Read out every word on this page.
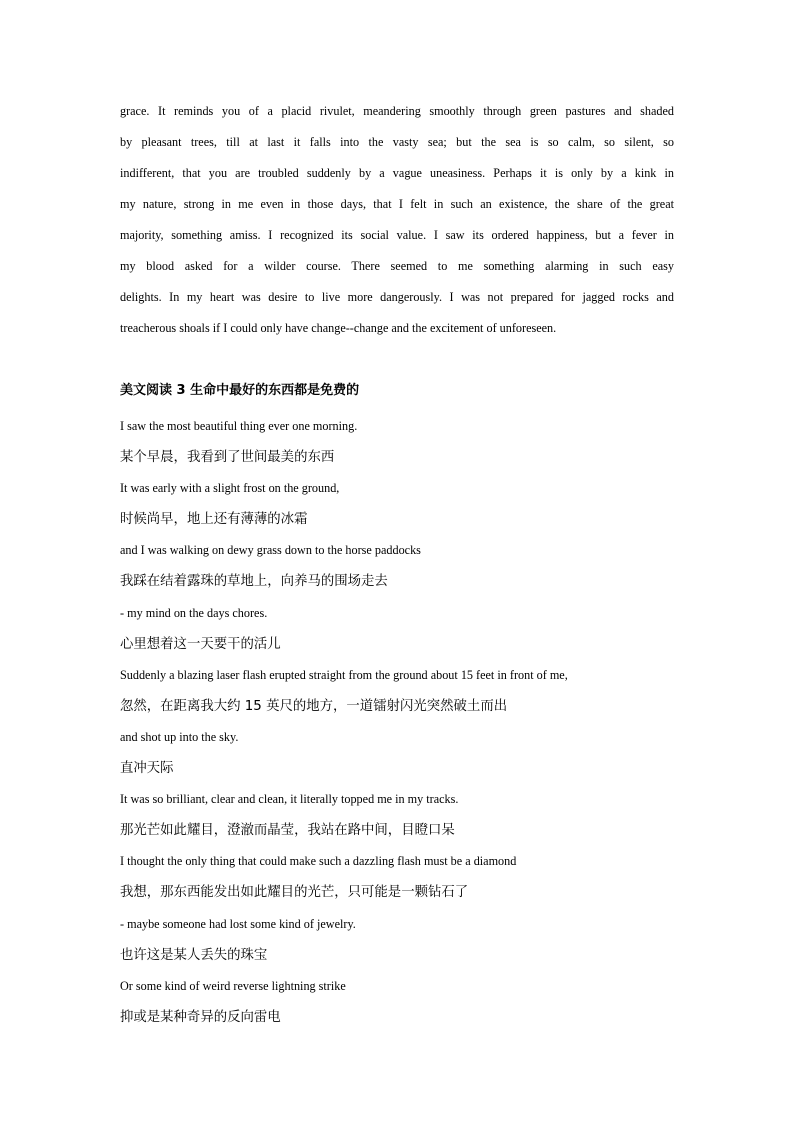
grace. It reminds you of a placid rivulet, meandering smoothly through green pastures and shaded
by pleasant trees, till at last it falls into the vasty sea; but the sea is so calm, so silent, so
indifferent, that you are troubled suddenly by a vague uneasiness. Perhaps it is only by a kink in
my nature, strong in me even in those days, that I felt in such an existence, the share of the great
majority, something amiss. I recognized its social value. I saw its ordered happiness, but a fever in
my blood asked for a wilder course. There seemed to me something alarming in such easy
delights. In my heart was desire to live more dangerously. I was not prepared for jagged rocks and
treacherous shoals if I could only have change--change and the excitement of unforeseen.

美文阅读 3 生命中最好的东西都是免费的
I saw the most beautiful thing ever one morning.
某个早晨，我看到了世间最美的东西
It was early with a slight frost on the ground,
时候尚早，地上还有薄薄的冰霜
and I was walking on dewy grass down to the horse paddocks
我踩在结着露珠的草地上，向养马的围场走去
- my mind on the days chores.
心里想着这一天要干的活儿
Suddenly a blazing laser flash erupted straight from the ground about 15 feet in front of me,
忽然，在距离我大约 15 英尺的地方，一道镭射闪光突然破土而出
and shot up into the sky.
直冲天际
It was so brilliant, clear and clean, it literally topped me in my tracks.
那光芒如此耀目，澄澈而晶莹，我站在路中间，目瞪口呆
I thought the only thing that could make such a dazzling flash must be a diamond
我想，那东西能发出如此耀目的光芒，只可能是一颗钻石了
- maybe someone had lost some kind of jewelry.
也许这是某人丢失的珠宝
Or some kind of weird reverse lightning strike
抑或是某种奇异的反向雷电
